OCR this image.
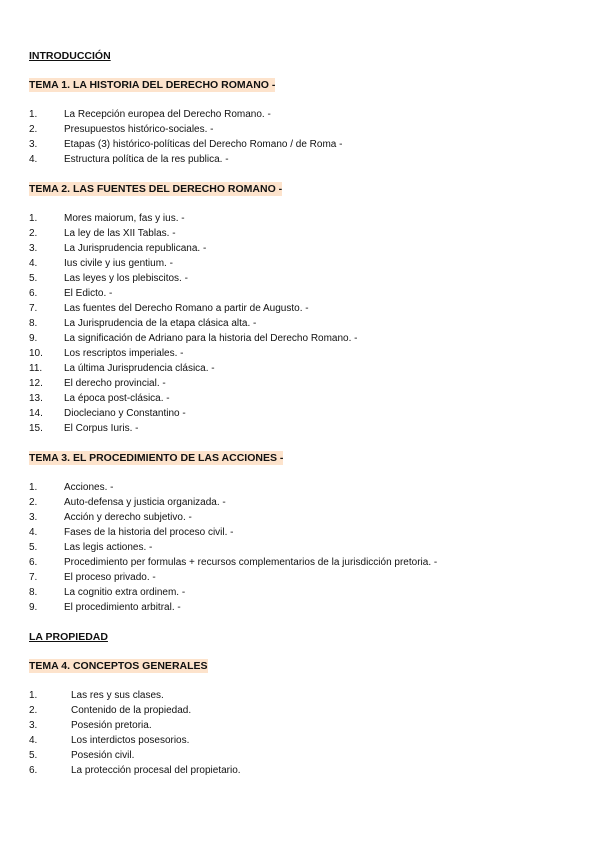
INTRODUCCIÓN

TEMA 1. LA HISTORIA DEL DERECHO ROMANO -

1.	La Recepción europea del Derecho Romano. -
2.	Presupuestos histórico-sociales. -
3.	Etapas (3) histórico-políticas del Derecho Romano / de Roma -
4.	Estructura política de la res publica. -

TEMA 2. LAS FUENTES DEL DERECHO ROMANO -

1.	Mores maiorum, fas y ius. -
2.	La ley de las XII Tablas. -
3.	La Jurisprudencia republicana. -
4.	Ius civile y ius gentium. -
5.	Las leyes y los plebiscitos. -
6.	El Edicto. -
7.	Las fuentes del Derecho Romano a partir de Augusto. -
8.	La Jurisprudencia de la etapa clásica alta. -
9.	La significación de Adriano para la historia del Derecho Romano. -
10.	Los rescriptos imperiales. -
11.	La última Jurisprudencia clásica. -
12.	El derecho provincial. -
13.	La época post-clásica. -
14.	Diocleciano y Constantino -
15.	El Corpus Iuris. -

TEMA 3. EL PROCEDIMIENTO DE LAS ACCIONES -

1.	Acciones. -
2.	Auto-defensa y justicia organizada. -
3.	Acción y derecho subjetivo. -
4.	Fases de la historia del proceso civil. -
5.	Las legis actiones. -
6.	Procedimiento per formulas + recursos complementarios de la jurisdicción pretoria. -
7.	El proceso privado. -
8.	La cognitio extra ordinem. -
9.	El procedimiento arbitral. -

LA PROPIEDAD

TEMA 4. CONCEPTOS GENERALES

1.	Las res y sus clases.
2.	Contenido de la propiedad.
3.	Posesión pretoria.
4.	Los interdictos posesorios.
5.	Posesión civil.
6.	La protección procesal del propietario.
